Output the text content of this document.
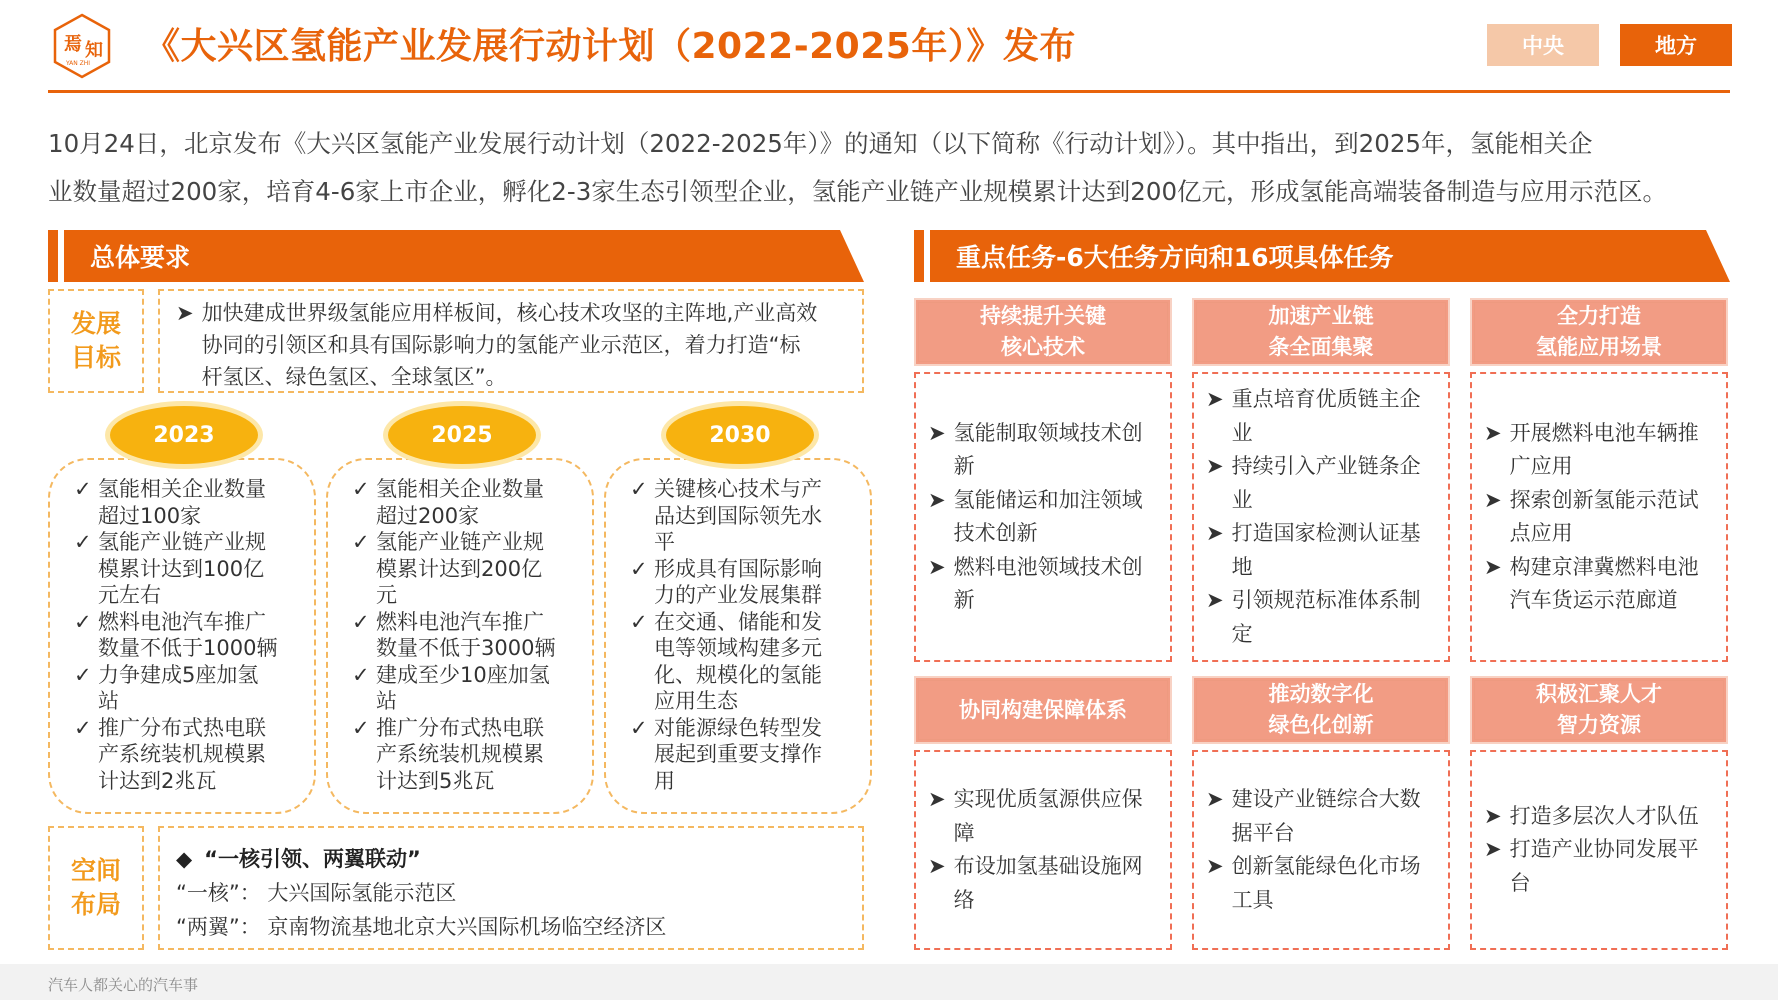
焉 知
YAN ZHI 《大兴区氢能产业发展行动计划（2022-2025年）》发布	中央	地方
10月24日，北京发布《大兴区氢能产业发展行动计划（2022-2025年）》的通知（以下简称《行动计划》）。其中指出，到2025年，氢能相关企
业数量超过200家，培育4-6家上市企业，孵化2-3家生态引领型企业，氢能产业链产业规模累计达到200亿元，形成氢能高端装备制造与应用示范区。
总体要求
发展
目标
➤ 加快建成世界级氢能应用样板间，核心技术攻坚的主阵地,产业高效
协同的引领区和具有国际影响力的氢能产业示范区，着力打造“标
杆氢区、绿色氢区、全球氢区”。
2023	2025	2030
✓ 氢能相关企业数量
超过100家
✓ 氢能产业链产业规
模累计达到100亿
元左右
✓ 燃料电池汽车推广
数量不低于1000辆
✓ 力争建成5座加氢
站
✓ 推广分布式热电联
产系统装机规模累
计达到2兆瓦
✓ 氢能相关企业数量
超过200家
✓ 氢能产业链产业规
模累计达到200亿
元
✓ 燃料电池汽车推广
数量不低于3000辆
✓ 建成至少10座加氢
站
✓ 推广分布式热电联
产系统装机规模累
计达到5兆瓦
✓ 关键核心技术与产
品达到国际领先水
平
✓ 形成具有国际影响
力的产业发展集群
✓ 在交通、储能和发
电等领域构建多元
化、规模化的氢能
应用生态
✓ 对能源绿色转型发
展起到重要支撑作
用
空间
布局
◆ “一核引领、两翼联动”
“一核”： 大兴国际氢能示范区
“两翼”： 京南物流基地北京大兴国际机场临空经济区
重点任务-6大任务方向和16项具体任务
持续提升关键
核心技术
➤ 氢能制取领域技术创
新
➤ 氢能储运和加注领域
技术创新
➤ 燃料电池领域技术创
新
加速产业链
条全面集聚
➤ 重点培育优质链主企
业
➤ 持续引入产业链条企
业
➤ 打造国家检测认证基
地
➤ 引领规范标准体系制
定
全力打造
氢能应用场景
➤ 开展燃料电池车辆推
广应用
➤ 探索创新氢能示范试
点应用
➤ 构建京津冀燃料电池
汽车货运示范廊道
协同构建保障体系
➤ 实现优质氢源供应保
障
➤ 布设加氢基础设施网
络
推动数字化
绿色化创新
➤ 建设产业链综合大数
据平台
➤ 创新氢能绿色化市场
工具
积极汇聚人才
智力资源
➤ 打造多层次人才队伍
➤ 打造产业协同发展平
台
汽车人都关心的汽车事
